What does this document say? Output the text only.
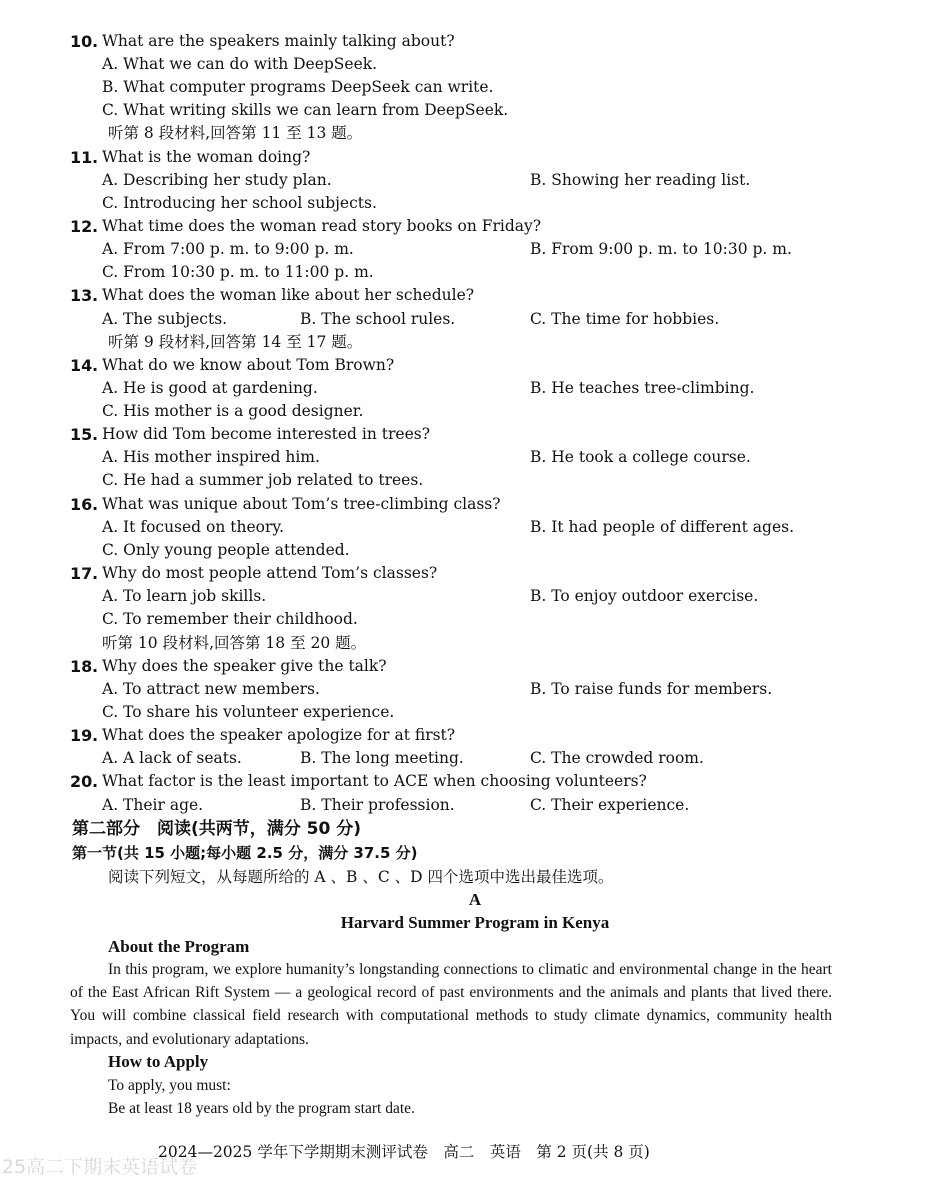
10 . What are the speakers mainly talking about?
A. What we can do with DeepSeek.
B. What computer programs DeepSeek can write.
C. What writing skills we can learn from DeepSeek.
听第 8 段材料,回答第 11 至 13 题。
11 . What is the woman doing?
A. Describing her study plan.	B. Showing her reading list.
C. Introducing her school subjects.
12 . What time does the woman read story books on Friday?
A. From 7:00 p. m. to 9:00 p. m.	B. From 9:00 p. m. to 10:30 p. m.
C. From 10:30 p. m. to 11:00 p. m.
13 . What does the woman like about her schedule?
A. The subjects.	B. The school rules.	C. The time for hobbies.
听第 9 段材料,回答第 14 至 17 题。
14 . What do we know about Tom Brown?
A. He is good at gardening.	B. He teaches tree-climbing.
C. His mother is a good designer.
15 . How did Tom become interested in trees?
A. His mother inspired him.	B. He took a college course.
C. He had a summer job related to trees.
16 . What was unique about Tom’s tree-climbing class?
A. It focused on theory.	B. It had people of different ages.
C. Only young people attended.
17 . Why do most people attend Tom’s classes?
A. To learn job skills.	B. To enjoy outdoor exercise.
C. To remember their childhood.
听第 10 段材料,回答第 18 至 20 题。
18 . Why does the speaker give the talk?
A. To attract new members.	B. To raise funds for members.
C. To share his volunteer experience.
19 . What does the speaker apologize for at first?
A. A lack of seats.	B. The long meeting.	C. The crowded room.
20 . What factor is the least important to ACE when choosing volunteers?
A. Their age.	B. Their profession.	C. Their experience.
第二部分　阅读(共两节，满分 50 分)
第一节(共 15 小题;每小题 2.5 分，满分 37.5 分)
阅读下列短文，从每题所给的 A 、B 、C 、D 四个选项中选出最佳选项。
A
Harvard Summer Program in Kenya
About the Program
In this program, we explore humanity’s longstanding connections to climatic and environmental change in the heart of the East African Rift System — a geological record of past environments and the animals and plants that lived there. You will combine classical field research with computational methods to study climate dynamics, community health impacts, and evolutionary adaptations.
How to Apply
To apply, you must:
Be at least 18 years old by the program start date.
2024—2025 学年下学期期末测评试卷　高二　英语　第 2 页(共 8 页)
25高二下期末英语试卷
